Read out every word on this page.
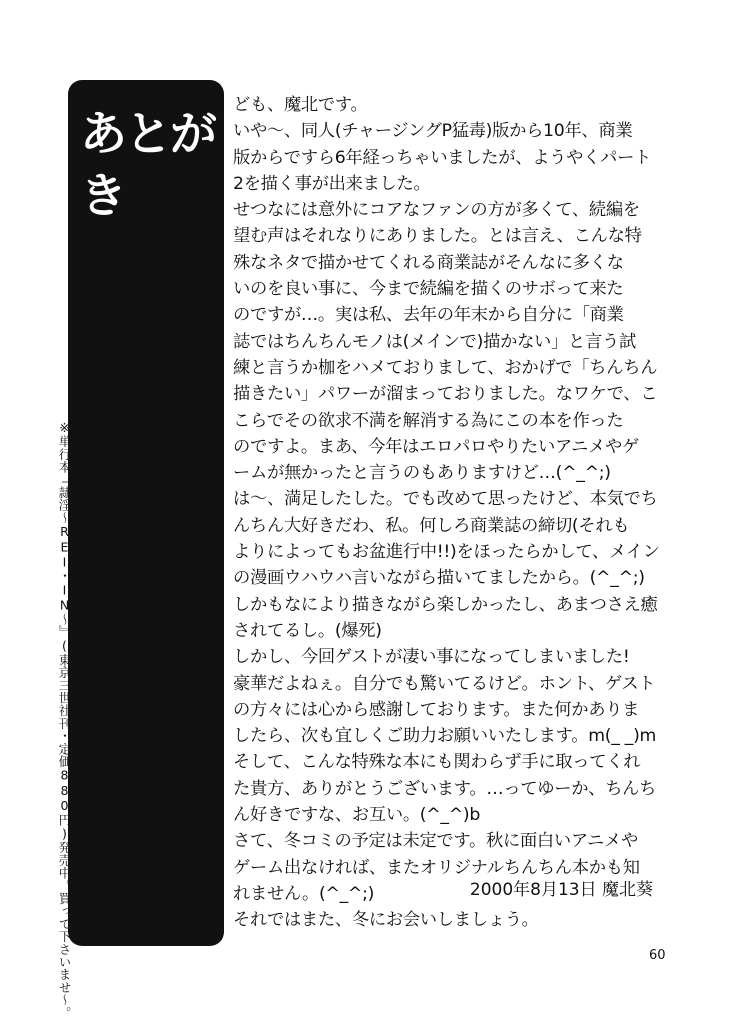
あとがき
※単行本『隷淫〜REI・IN〜』(東京三世社刊・定価880円)発売中。買って下さいませ〜。
ども、魔北です。
いや〜、同人(チャージングP猛毒)版から10年、商業
版からですら6年経っちゃいましたが、ようやくパート
2を描く事が出来ました。
せつなには意外にコアなファンの方が多くて、続編を
望む声はそれなりにありました。とは言え、こんな特
殊なネタで描かせてくれる商業誌がそんなに多くな
いのを良い事に、今まで続編を描くのサボって来た
のですが…。実は私、去年の年末から自分に「商業
誌ではちんちんモノは(メインで)描かない」と言う試
練と言うか枷をハメておりまして、おかげで「ちんちん
描きたい」パワーが溜まっておりました。なワケで、こ
こらでその欲求不満を解消する為にこの本を作った
のですよ。まあ、今年はエロパロやりたいアニメやゲ
ームが無かったと言うのもありますけど…(^_^;)
は〜、満足したした。でも改めて思ったけど、本気でち
んちん大好きだわ、私。何しろ商業誌の締切(それも
よりによってもお盆進行中!!)をほったらかして、メイン
の漫画ウハウハ言いながら描いてましたから。(^_^;)
しかもなにより描きながら楽しかったし、あまつさえ癒
されてるし。(爆死)
しかし、今回ゲストが凄い事になってしまいました!
豪華だよねぇ。自分でも驚いてるけど。ホント、ゲスト
の方々には心から感謝しております。また何かありま
したら、次も宜しくご助力お願いいたします。m(_ _)m
そして、こんな特殊な本にも関わらず手に取ってくれ
た貴方、ありがとうございます。…ってゆーか、ちんち
ん好きですな、お互い。(^_^)b
さて、冬コミの予定は未定です。秋に面白いアニメや
ゲーム出なければ、またオリジナルちんちん本かも知
れません。(^_^;)
それではまた、冬にお会いしましょう。
2000年8月13日 魔北葵
60
